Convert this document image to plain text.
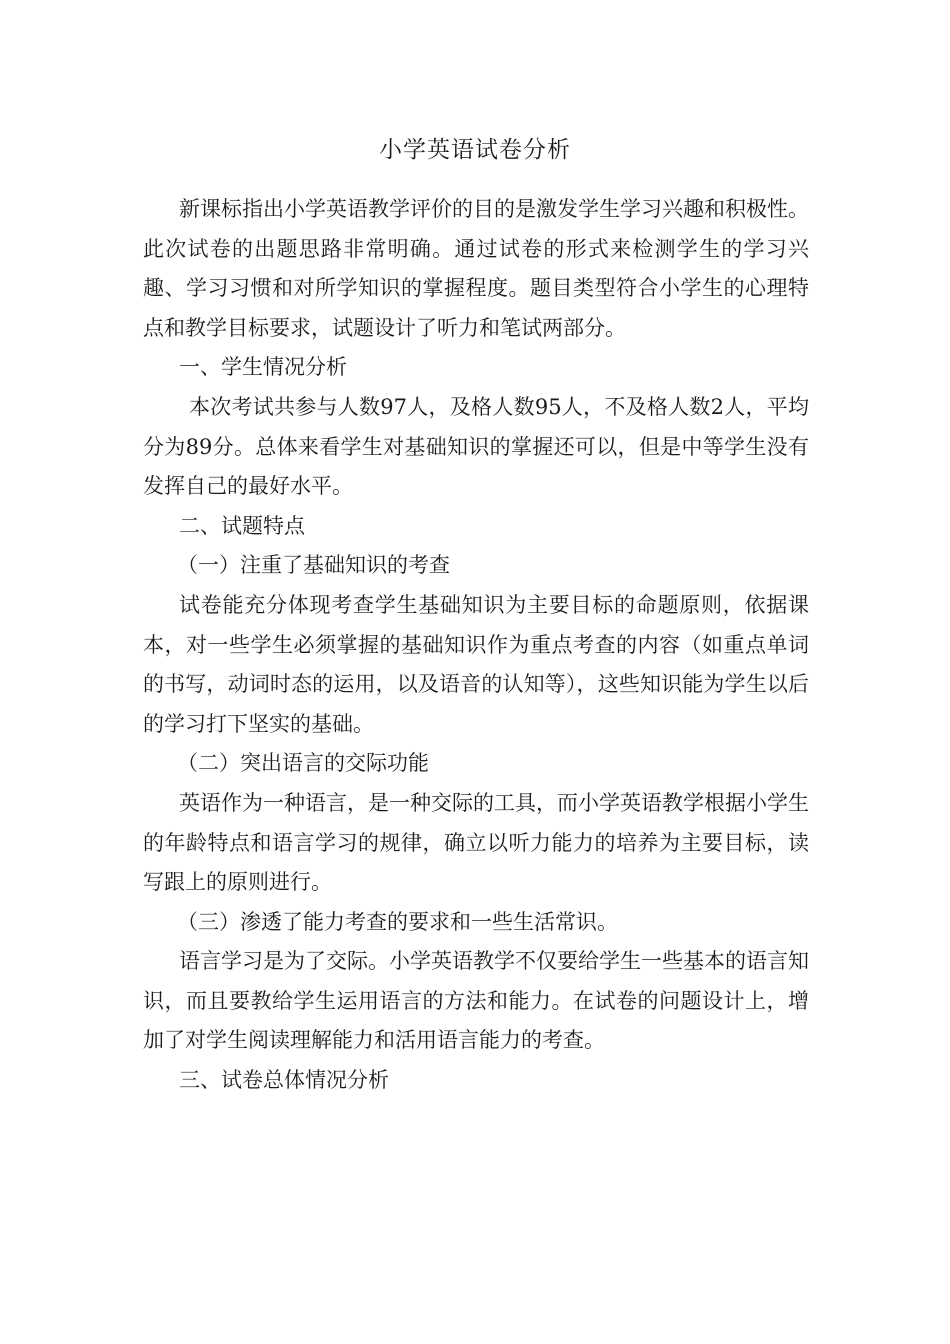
小学英语试卷分析

新课标指出小学英语教学评价的目的是激发学生学习兴趣和积极性。此次试卷的出题思路非常明确。通过试卷的形式来检测学生的学习兴趣、学习习惯和对所学知识的掌握程度。题目类型符合小学生的心理特点和教学目标要求，试题设计了听力和笔试两部分。

一、学生情况分析

本次考试共参与人数97人，及格人数95人，不及格人数2人，平均分为89分。总体来看学生对基础知识的掌握还可以，但是中等学生没有发挥自己的最好水平。

二、试题特点

（一）注重了基础知识的考查

试卷能充分体现考查学生基础知识为主要目标的命题原则，依据课本，对一些学生必须掌握的基础知识作为重点考查的内容（如重点单词的书写，动词时态的运用，以及语音的认知等），这些知识能为学生以后的学习打下坚实的基础。

（二）突出语言的交际功能

英语作为一种语言，是一种交际的工具，而小学英语教学根据小学生的年龄特点和语言学习的规律，确立以听力能力的培养为主要目标，读写跟上的原则进行。

（三）渗透了能力考查的要求和一些生活常识。

语言学习是为了交际。小学英语教学不仅要给学生一些基本的语言知识，而且要教给学生运用语言的方法和能力。在试卷的问题设计上，增加了对学生阅读理解能力和活用语言能力的考查。

三、试卷总体情况分析
